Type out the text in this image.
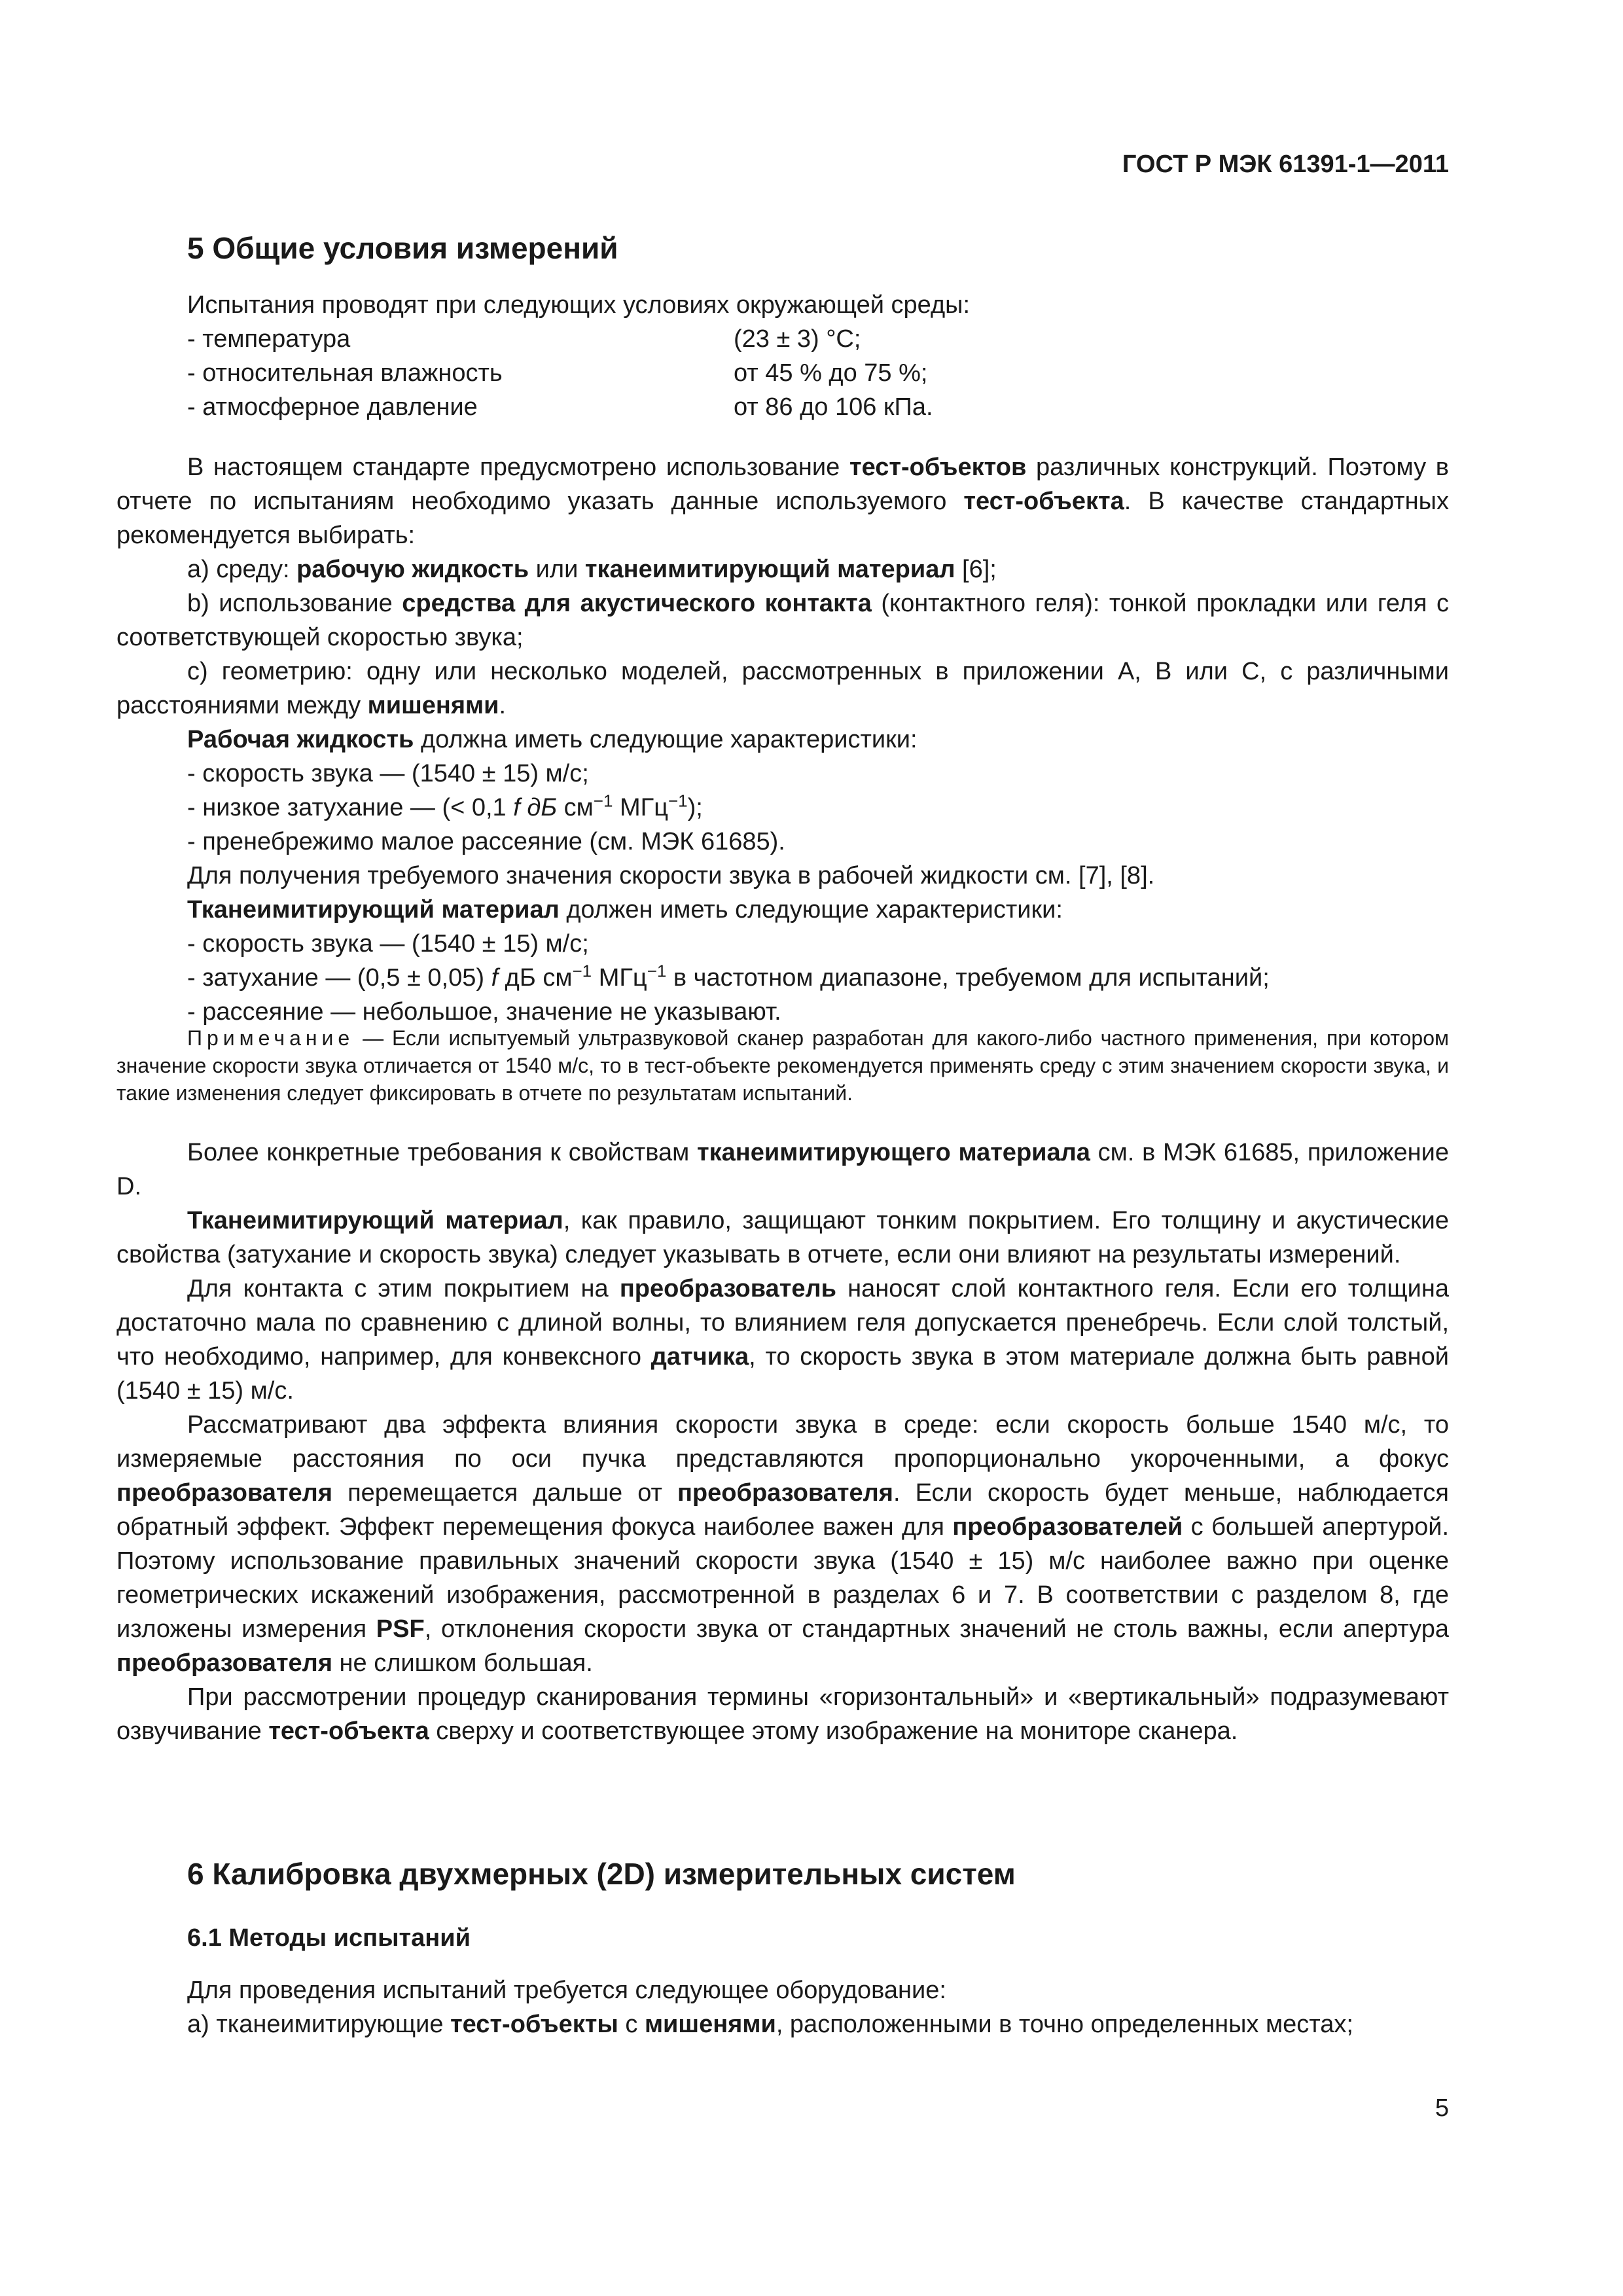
ГОСТ Р МЭК 61391-1—2011
5 Общие условия измерений
Испытания проводят при следующих условиях окружающей среды:
- температура	(23 ± 3) °С;
- относительная влажность	от 45 % до 75 %;
- атмосферное давление	от 86 до 106 кПа.

В настоящем стандарте предусмотрено использование тест-объектов различных конструкций. Поэтому в отчете по испытаниям необходимо указать данные используемого тест-объекта. В качестве стандартных рекомендуется выбирать:

а) среду: рабочую жидкость или тканеимитирующий материал [6];

b) использование средства для акустического контакта (контактного геля): тонкой прокладки или геля с соответствующей скоростью звука;

с) геометрию: одну или несколько моделей, рассмотренных в приложении А, В или С, с различными расстояниями между мишенями.

Рабочая жидкость должна иметь следующие характеристики:

- скорость звука — (1540 ± 15) м/с;

- низкое затухание — (< 0,1 f дБ $см^{-1}$ МГц$^{-1}$);

- пренебрежимо малое рассеяние (см. МЭК 61685).

Для получения требуемого значения скорости звука в рабочей жидкости см. [7], [8].

Тканеимитирующий материал должен иметь следующие характеристики:

- скорость звука — (1540 ± 15) м/с;

- затухание — (0,5 ± 0,05) f дБ $см^{-1}$ МГц$^{-1}$ в частотном диапазоне, требуемом для испытаний;

- рассеяние — небольшое, значение не указывают.

Примечание — Если испытуемый ультразвуковой сканер разработан для какого-либо частного применения, при котором значение скорости звука отличается от 1540 м/с, то в тест-объекте рекомендуется применять среду с этим значением скорости звука, и такие изменения следует фиксировать в отчете по результатам испытаний.

Более конкретные требования к свойствам тканеимитирующего материала см. в МЭК 61685, приложение D.

Тканеимитирующий материал, как правило, защищают тонким покрытием. Его толщину и акустические свойства (затухание и скорость звука) следует указывать в отчете, если они влияют на результаты измерений.

Для контакта с этим покрытием на преобразователь наносят слой контактного геля. Если его толщина достаточно мала по сравнению с длиной волны, то влиянием геля допускается пренебречь. Если слой толстый, что необходимо, например, для конвексного датчика, то скорость звука в этом материале должна быть равной (1540 ± 15) м/с.

Рассматривают два эффекта влияния скорости звука в среде: если скорость больше 1540 м/с, то измеряемые расстояния по оси пучка представляются пропорционально укороченными, а фокус преобразователя перемещается дальше от преобразователя. Если скорость будет меньше, наблюдается обратный эффект. Эффект перемещения фокуса наиболее важен для преобразователей с большей апертурой. Поэтому использование правильных значений скорости звука (1540 ± 15) м/с наиболее важно при оценке геометрических искажений изображения, рассмотренной в разделах 6 и 7. В соответствии с разделом 8, где изложены измерения PSF, отклонения скорости звука от стандартных значений не столь важны, если апертура преобразователя не слишком большая.

При рассмотрении процедур сканирования термины «горизонтальный» и «вертикальный» подразумевают озвучивание тест-объекта сверху и соответствующее этому изображение на мониторе сканера.

6 Калибровка двухмерных (2D) измерительных систем
6.1 Методы испытаний

Для проведения испытаний требуется следующее оборудование:

а) тканеимитирующие тест-объекты с мишенями, расположенными в точно определенных местах;

5
